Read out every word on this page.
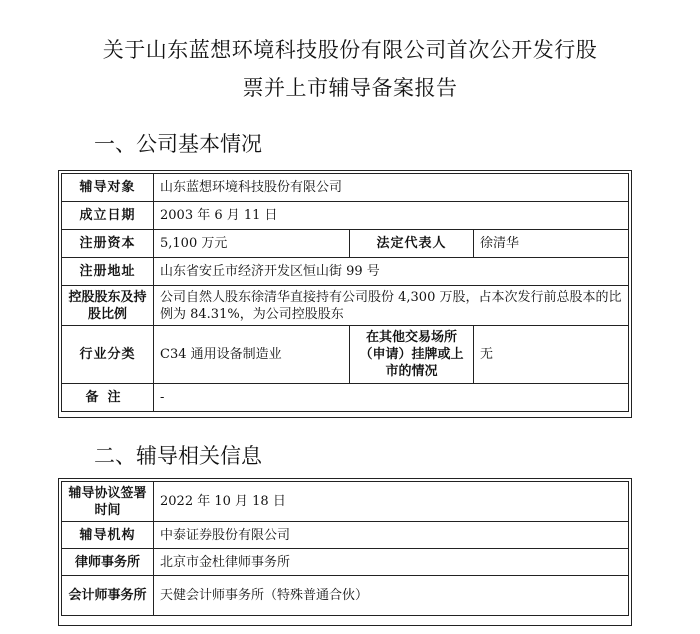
关于山东蓝想环境科技股份有限公司首次公开发行股
票并上市辅导备案报告
一、公司基本情况
辅导对象	山东蓝想环境科技股份有限公司		
成立日期	2003 年 6 月 11 日		
注册资本	5,100 万元	法定代表人	徐清华
注册地址	山东省安丘市经济开发区恒山街 99 号		
控股股东及持股比例	公司自然人股东徐清华直接持有公司股份 4,300 万股，占本次发行前总股本的比例为 84.31%，为公司控股股东		
行业分类	C34 通用设备制造业	在其他交易场所（申请）挂牌或上市的情况	无
备注	-		
二、辅导相关信息
辅导协议签署时间	2022 年 10 月 18 日
辅导机构	中泰证券股份有限公司
律师事务所	北京市金杜律师事务所
会计师事务所	天健会计师事务所（特殊普通合伙）
